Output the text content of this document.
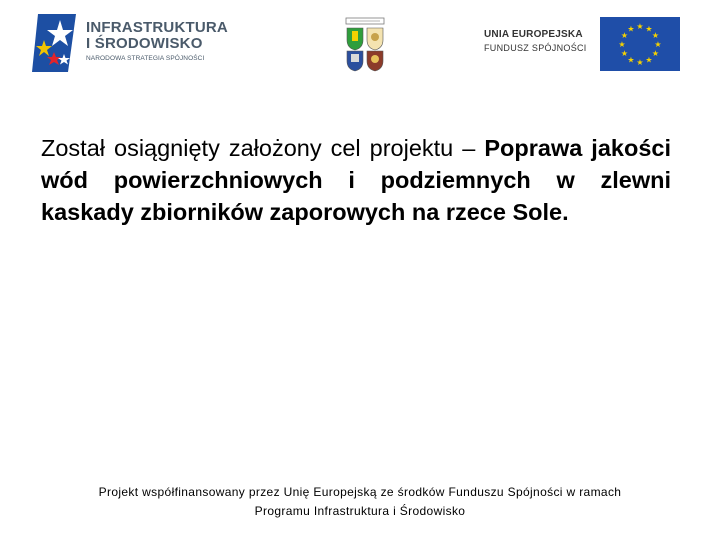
INFRASTRUKTURA
I ŚRODOWISKO
NARODOWA STRATEGIA SPÓJNOŚCI
UNIA EUROPEJSKA
FUNDUSZ SPÓJNOŚCI
★ ★
★
★
★
★
★
★
★
★
★
★

Został osiągnięty założony cel projektu – Poprawa jakości wód powierzchniowych i podziemnych w zlewni kaskady zbiorników zaporowych na rzece Sole.

Projekt współfinansowany przez Unię Europejską ze środków Funduszu Spójności w ramach
Programu Infrastruktura i Środowisko
